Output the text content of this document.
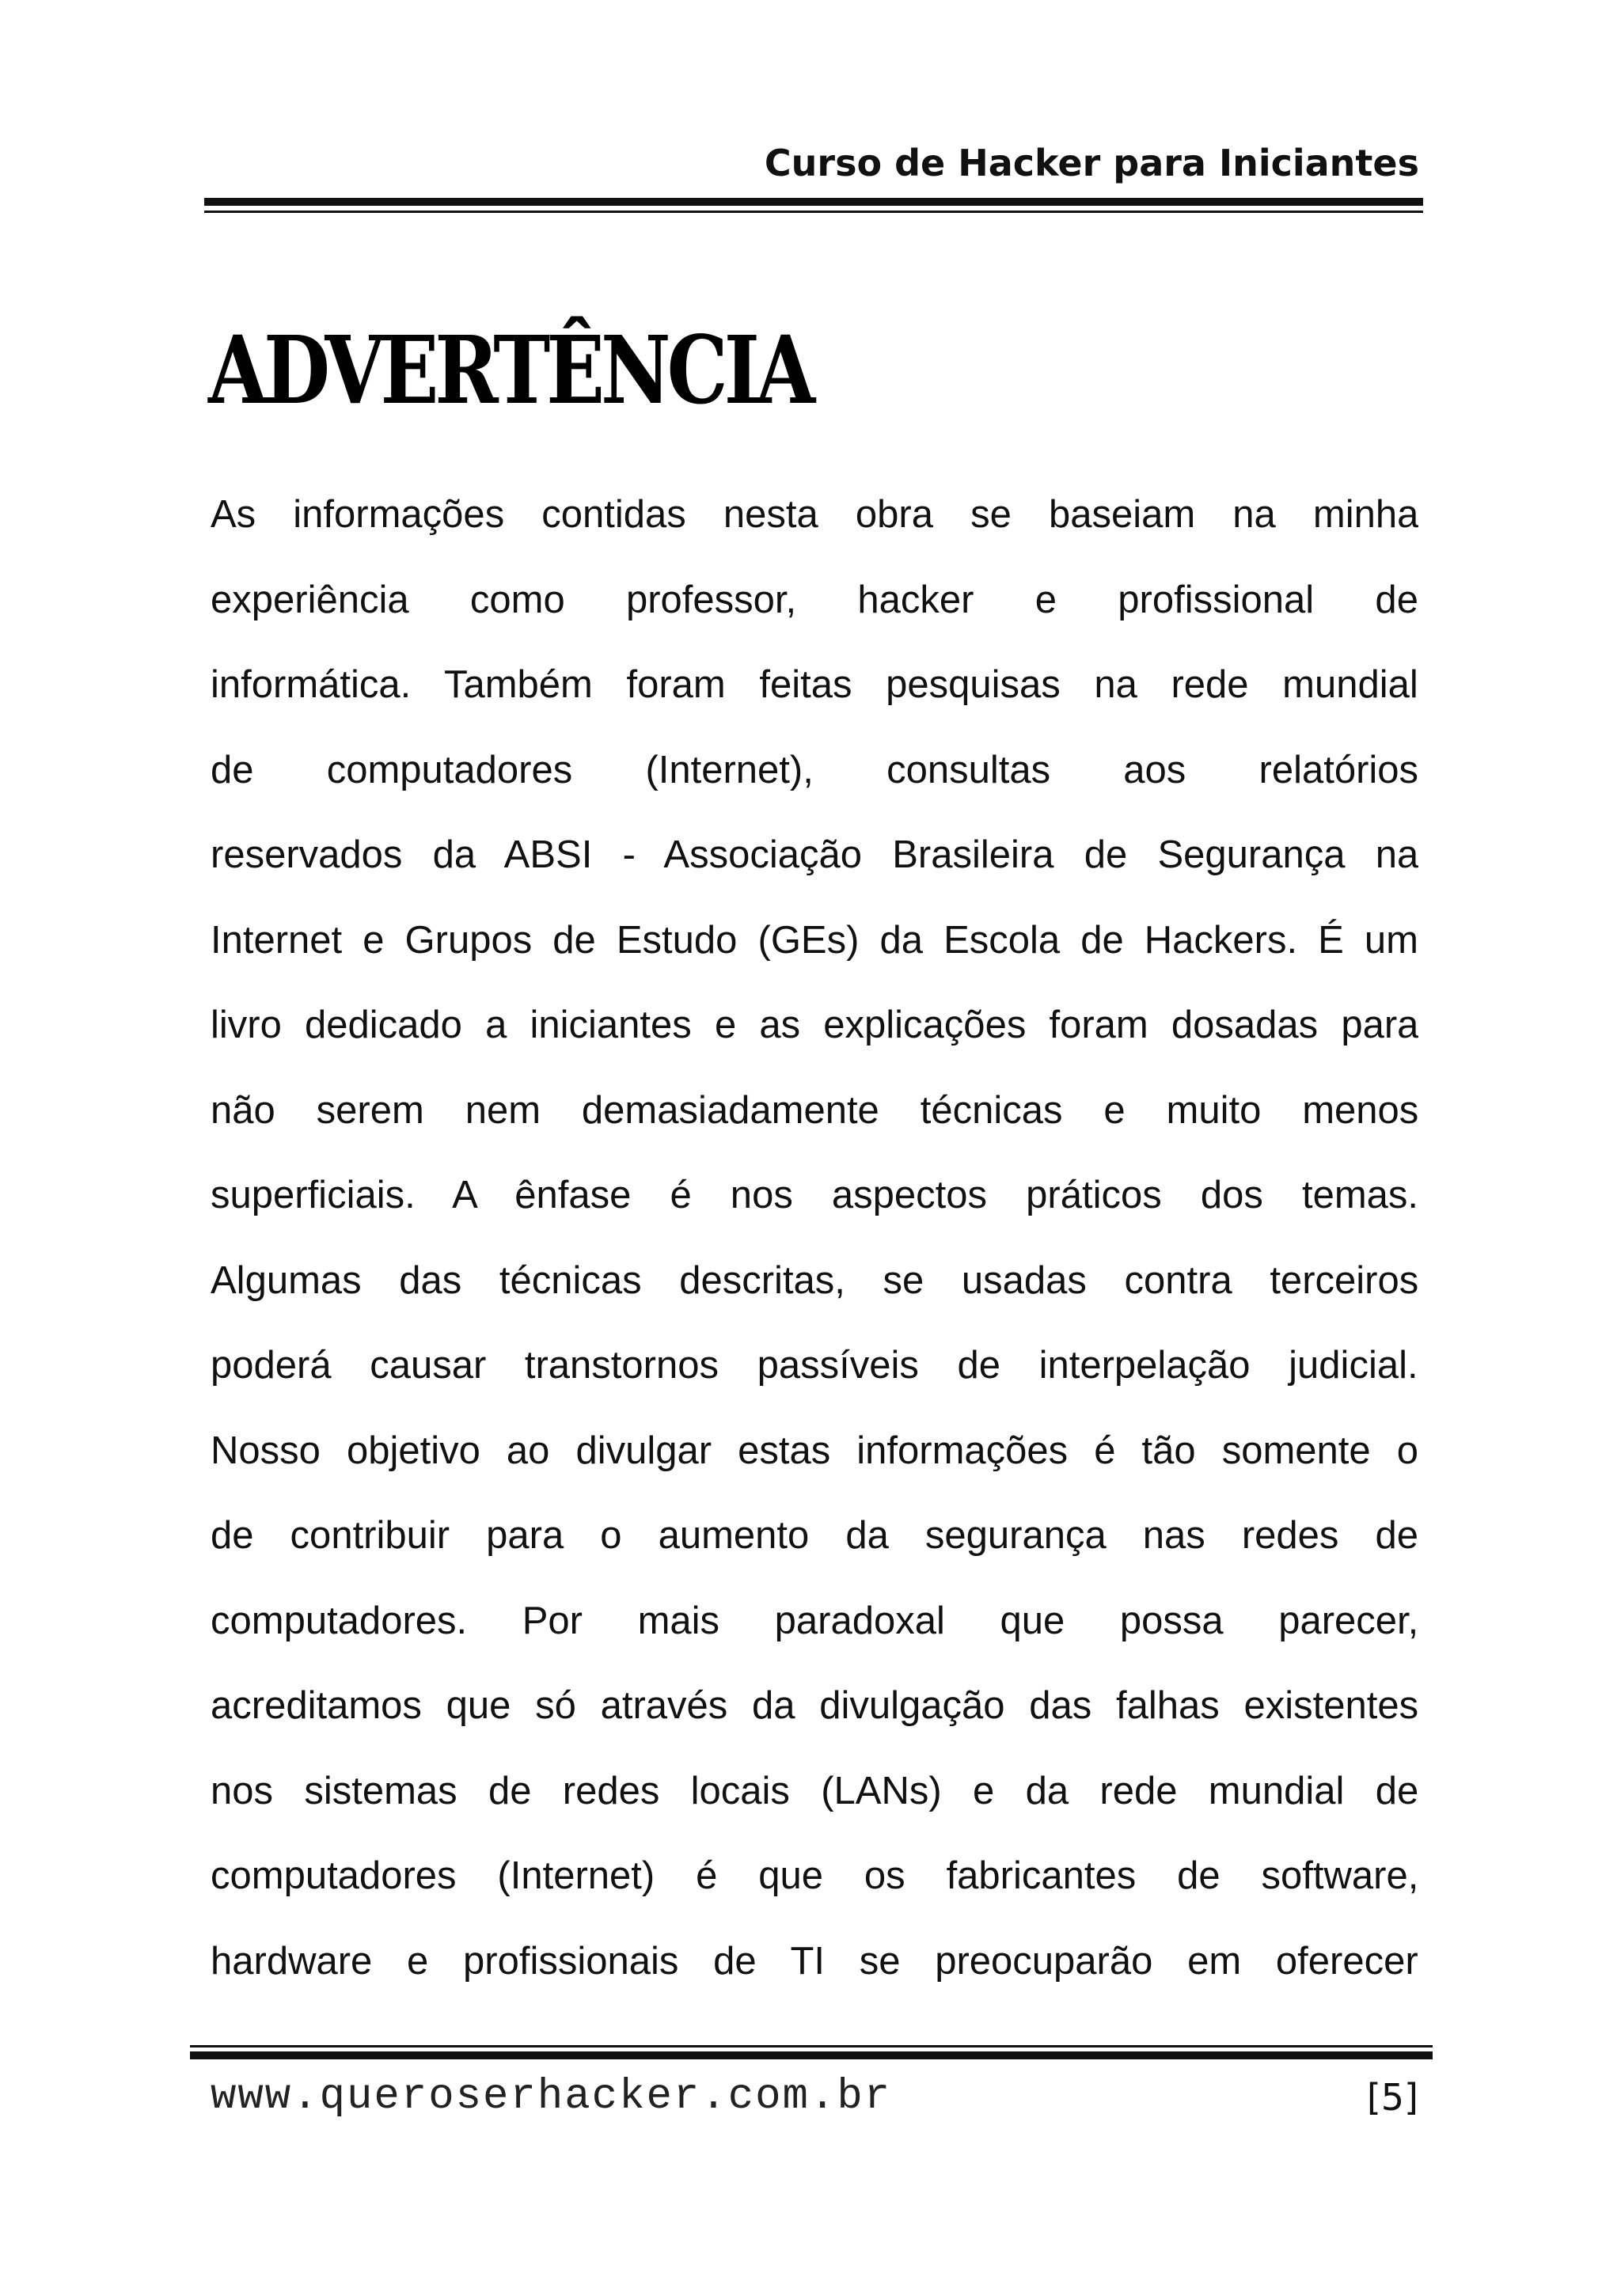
Curso de Hacker para Iniciantes
ADVERTÊNCIA
As informações contidas nesta obra se baseiam na minha
experiência como professor, hacker e profissional de
informática. Também foram feitas pesquisas na rede mundial
de computadores (Internet), consultas aos relatórios
reservados da ABSI - Associação Brasileira de Segurança na
Internet e Grupos de Estudo (GEs) da Escola de Hackers. É um
livro dedicado a iniciantes e as explicações foram dosadas para
não serem nem demasiadamente técnicas e muito menos
superficiais. A ênfase é nos aspectos práticos dos temas.
Algumas das técnicas descritas, se usadas contra terceiros
poderá causar transtornos passíveis de interpelação judicial.
Nosso objetivo ao divulgar estas informações é tão somente o
de contribuir para o aumento da segurança nas redes de
computadores. Por mais paradoxal que possa parecer,
acreditamos que só através da divulgação das falhas existentes
nos sistemas de redes locais (LANs) e da rede mundial de
computadores (Internet) é que os fabricantes de software,
hardware e profissionais de TI se preocuparão em oferecer
www.queroserhacker.com.br	[5]
